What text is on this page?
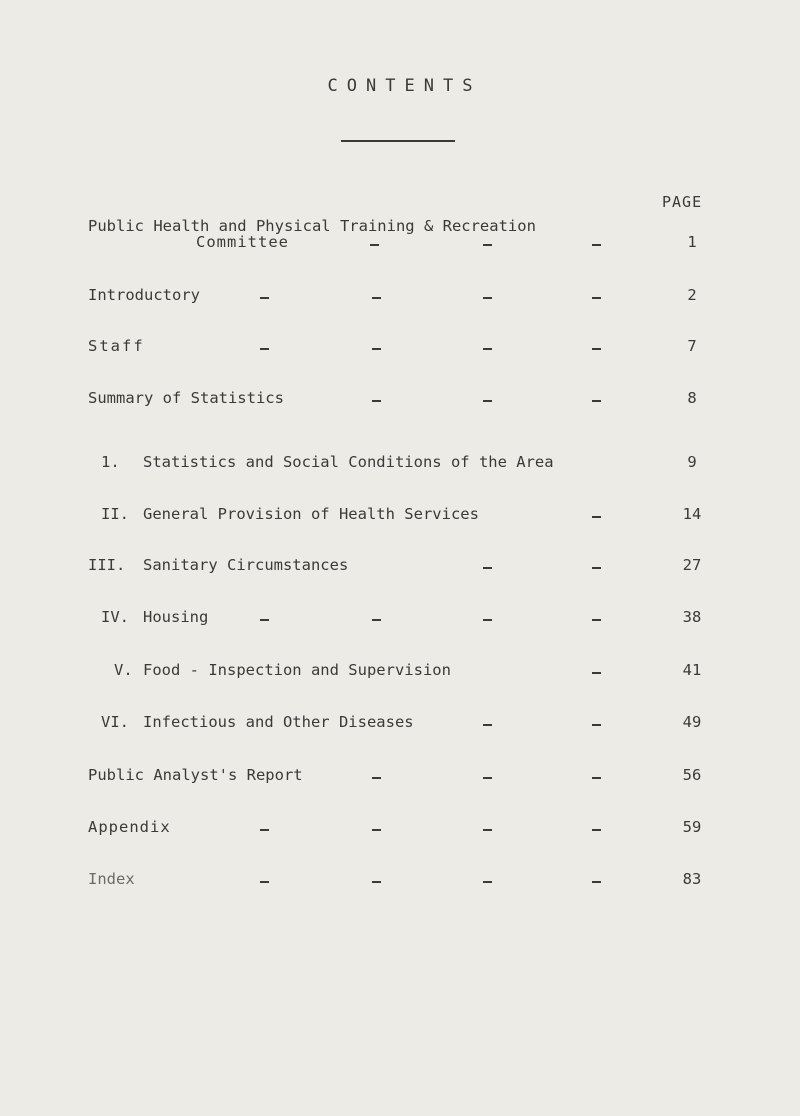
CONTENTS
PAGE
Public Health and Physical Training & Recreation
Committee	1
Introductory	2
Staff	7
Summary of Statistics	8
1. Statistics and Social Conditions of the Area	9
II. General Provision of Health Services	14
III. Sanitary Circumstances	27
IV. Housing	38
V. Food - Inspection and Supervision	41
VI. Infectious and Other Diseases	49
Public Analyst's Report	56
Appendix	59
Index	83
